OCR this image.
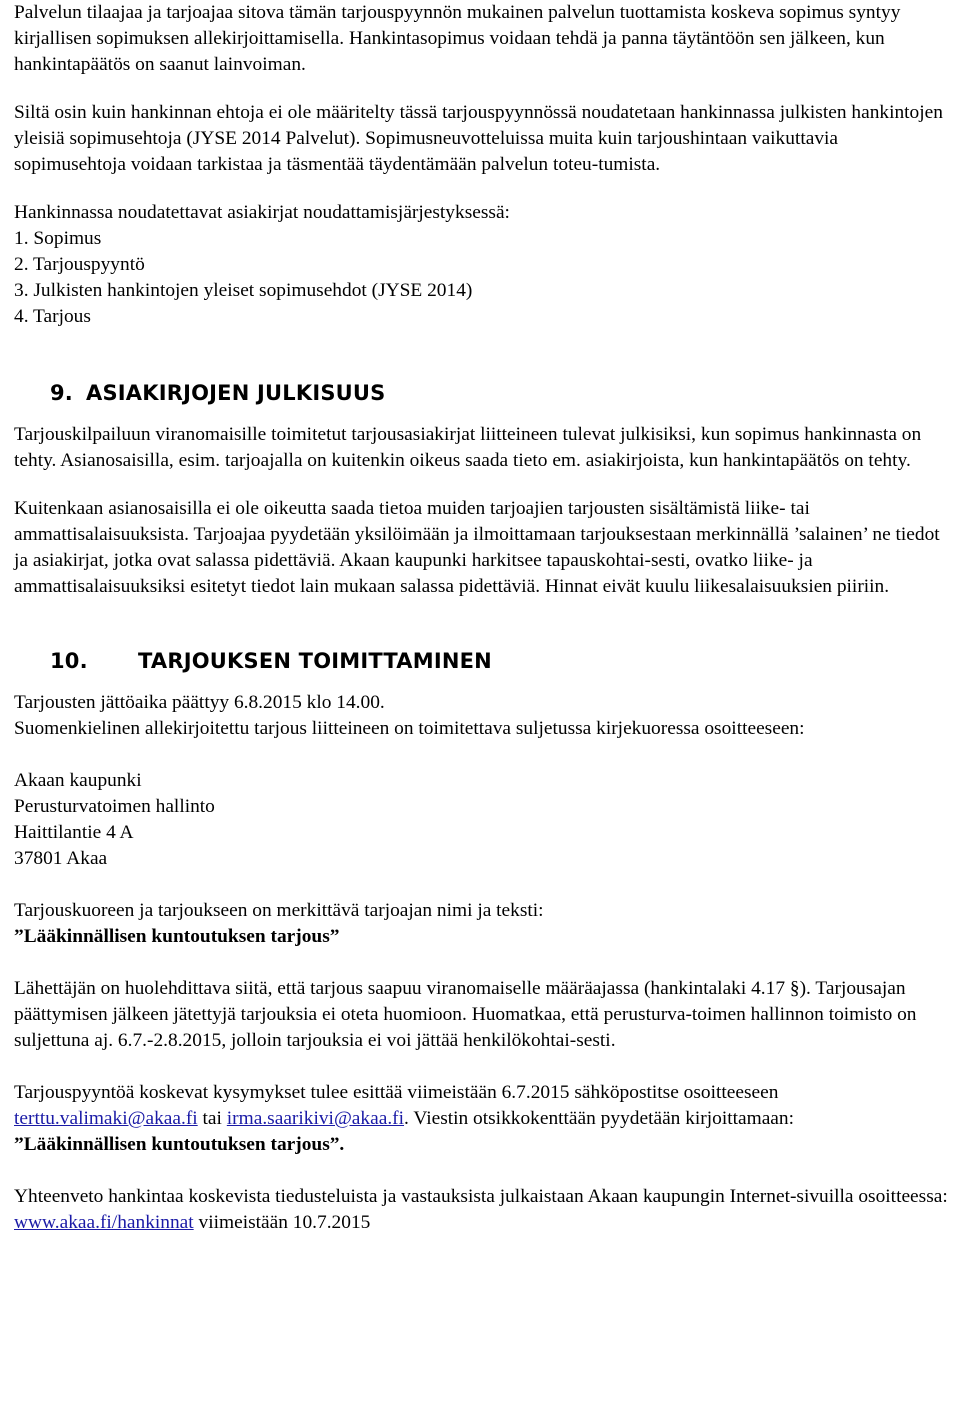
Palvelun tilaajaa ja tarjoajaa sitova tämän tarjouspyynnön mukainen palvelun tuottamista koskeva sopimus syntyy kirjallisen sopimuksen allekirjoittamisella. Hankintasopimus voidaan tehdä ja panna täytäntöön sen jälkeen, kun hankintapäätös on saanut lainvoiman.

Siltä osin kuin hankinnan ehtoja ei ole määritelty tässä tarjouspyynnössä noudatetaan hankinnassa julkisten hankintojen yleisiä sopimusehtoja (JYSE 2014 Palvelut). Sopimusneuvotteluissa muita kuin tarjoushintaan vaikuttavia sopimusehtoja voidaan tarkistaa ja täsmentää täydentämään palvelun toteu-tumista.

Hankinnassa noudatettavat asiakirjat noudattamisjärjestyksessä:

1. Sopimus

2. Tarjouspyyntö

3. Julkisten hankintojen yleiset sopimusehdot (JYSE 2014)

4. Tarjous

9. ASIAKIRJOJEN JULKISUUS

Tarjouskilpailuun viranomaisille toimitetut tarjousasiakirjat liitteineen tulevat julkisiksi, kun sopimus hankinnasta on tehty. Asianosaisilla, esim. tarjoajalla on kuitenkin oikeus saada tieto em. asiakirjoista, kun hankintapäätös on tehty.

Kuitenkaan asianosaisilla ei ole oikeutta saada tietoa muiden tarjoajien tarjousten sisältämistä liike- tai ammattisalaisuuksista. Tarjoajaa pyydetään yksilöimään ja ilmoittamaan tarjouksestaan merkinnällä ’salainen’ ne tiedot ja asiakirjat, jotka ovat salassa pidettäviä. Akaan kaupunki harkitsee tapauskohtai-sesti, ovatko liike- ja ammattisalaisuuksiksi esitetyt tiedot lain mukaan salassa pidettäviä. Hinnat eivät kuulu liikesalaisuuksien piiriin.

10. TARJOUKSEN TOIMITTAMINEN

Tarjousten jättöaika päättyy 6.8.2015 klo 14.00.

Suomenkielinen allekirjoitettu tarjous liitteineen on toimitettava suljetussa kirjekuoressa osoitteeseen:

Akaan kaupunki

Perusturvatoimen hallinto

Haittilantie 4 A

37801 Akaa

Tarjouskuoreen ja tarjoukseen on merkittävä tarjoajan nimi ja teksti:

”Lääkinnällisen kuntoutuksen tarjous”

Lähettäjän on huolehdittava siitä, että tarjous saapuu viranomaiselle määräajassa (hankintalaki 4.17 §). Tarjousajan päättymisen jälkeen jätettyjä tarjouksia ei oteta huomioon. Huomatkaa, että perusturva-toimen hallinnon toimisto on suljettuna aj. 6.7.-2.8.2015, jolloin tarjouksia ei voi jättää henkilökohtai-sesti.

Tarjouspyyntöä koskevat kysymykset tulee esittää viimeistään 6.7.2015 sähköpostitse osoitteeseen
terttu.valimaki@akaa.fi tai irma.saarikivi@akaa.fi. Viestin otsikkokenttään pyydetään kirjoittamaan:

”Lääkinnällisen kuntoutuksen tarjous”.

Yhteenveto hankintaa koskevista tiedusteluista ja vastauksista julkaistaan Akaan kaupungin Internet-sivuilla osoitteessa: www.akaa.fi/hankinnat viimeistään 10.7.2015
